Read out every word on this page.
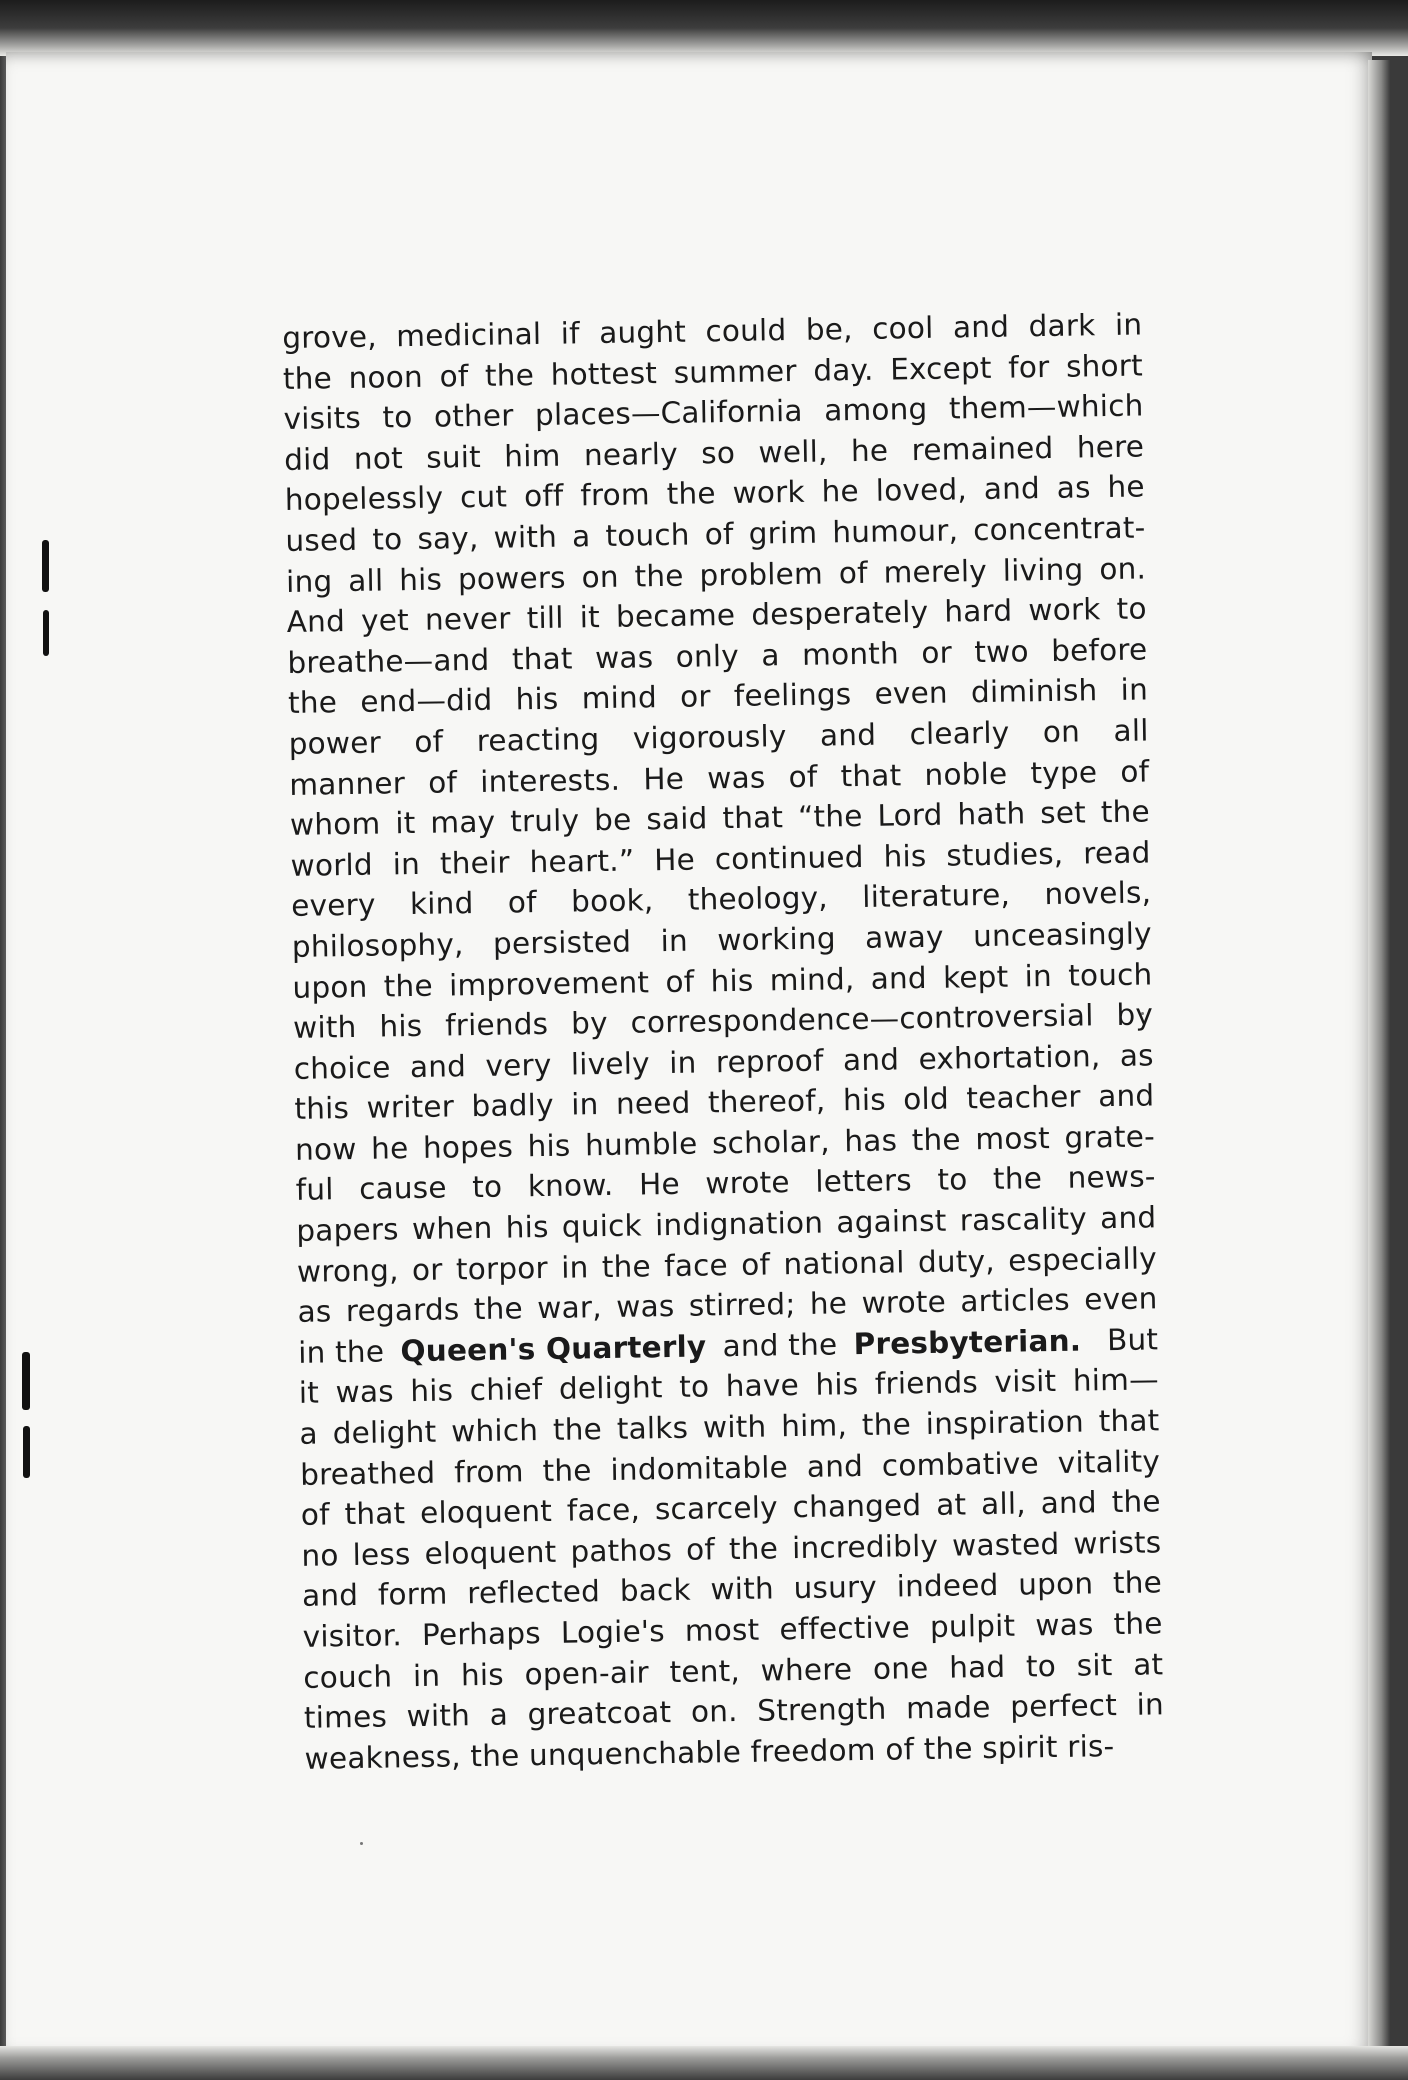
grove, medicinal if aught could be, cool and dark in
the noon of the hottest summer day. Except for short
visits to other places—California among them—which
did not suit him nearly so well, he remained here
hopelessly cut off from the work he loved, and as he
used to say, with a touch of grim humour, concentrat-
ing all his powers on the problem of merely living on.
And yet never till it became desperately hard work to
breathe—and that was only a month or two before
the end—did his mind or feelings even diminish in
power of reacting vigorously and clearly on all
manner of interests. He was of that noble type of
whom it may truly be said that “the Lord hath set the
world in their heart.” He continued his studies, read
every kind of book, theology, literature, novels,
philosophy, persisted in working away unceasingly
upon the improvement of his mind, and kept in touch
with his friends by correspondence—controversial by
choice and very lively in reproof and exhortation, as
this writer badly in need thereof, his old teacher and
now he hopes his humble scholar, has the most grate-
ful cause to know. He wrote letters to the news-
papers when his quick indignation against rascality and
wrong, or torpor in the face of national duty, especially
as regards the war, was stirred; he wrote articles even
in the Queen's Quarterly and the Presbyterian. But
it was his chief delight to have his friends visit him—
a delight which the talks with him, the inspiration that
breathed from the indomitable and combative vitality
of that eloquent face, scarcely changed at all, and the
no less eloquent pathos of the incredibly wasted wrists
and form reflected back with usury indeed upon the
visitor. Perhaps Logie's most effective pulpit was the
couch in his open-air tent, where one had to sit at
times with a greatcoat on. Strength made perfect in
weakness, the unquenchable freedom of the spirit ris-
